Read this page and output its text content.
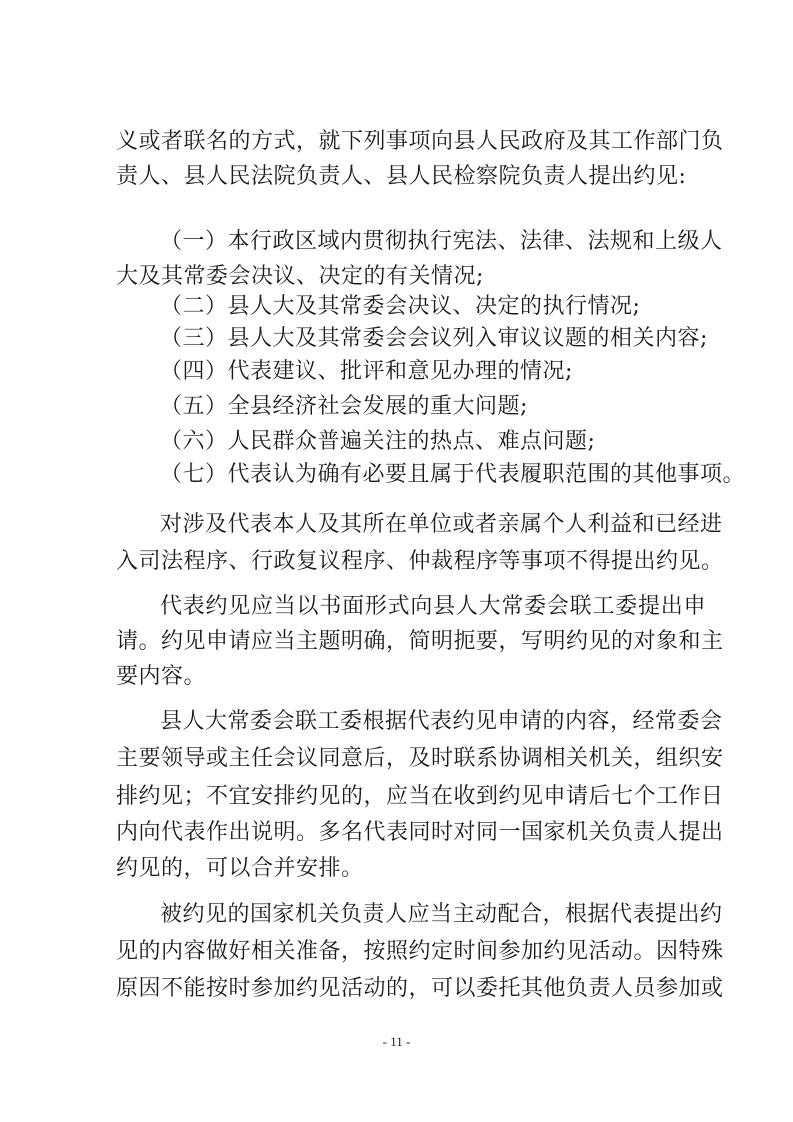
义或者联名的方式，就下列事项向县人民政府及其工作部门负
责人、县人民法院负责人、县人民检察院负责人提出约见:
（一）本行政区域内贯彻执行宪法、法律、法规和上级人
大及其常委会决议、决定的有关情况;
（二）县人大及其常委会决议、决定的执行情况;
（三）县人大及其常委会会议列入审议议题的相关内容;
（四）代表建议、批评和意见办理的情况;
（五）全县经济社会发展的重大问题;
（六）人民群众普遍关注的热点、难点问题;
（七）代表认为确有必要且属于代表履职范围的其他事项。
对涉及代表本人及其所在单位或者亲属个人利益和已经进
入司法程序、行政复议程序、仲裁程序等事项不得提出约见。
代表约见应当以书面形式向县人大常委会联工委提出申
请。约见申请应当主题明确，简明扼要，写明约见的对象和主
要内容。
县人大常委会联工委根据代表约见申请的内容，经常委会
主要领导或主任会议同意后，及时联系协调相关机关，组织安
排约见；不宜安排约见的，应当在收到约见申请后七个工作日
内向代表作出说明。多名代表同时对同一国家机关负责人提出
约见的，可以合并安排。
被约见的国家机关负责人应当主动配合，根据代表提出约
见的内容做好相关准备，按照约定时间参加约见活动。因特殊
原因不能按时参加约见活动的，可以委托其他负责人员参加或
- 11 -
